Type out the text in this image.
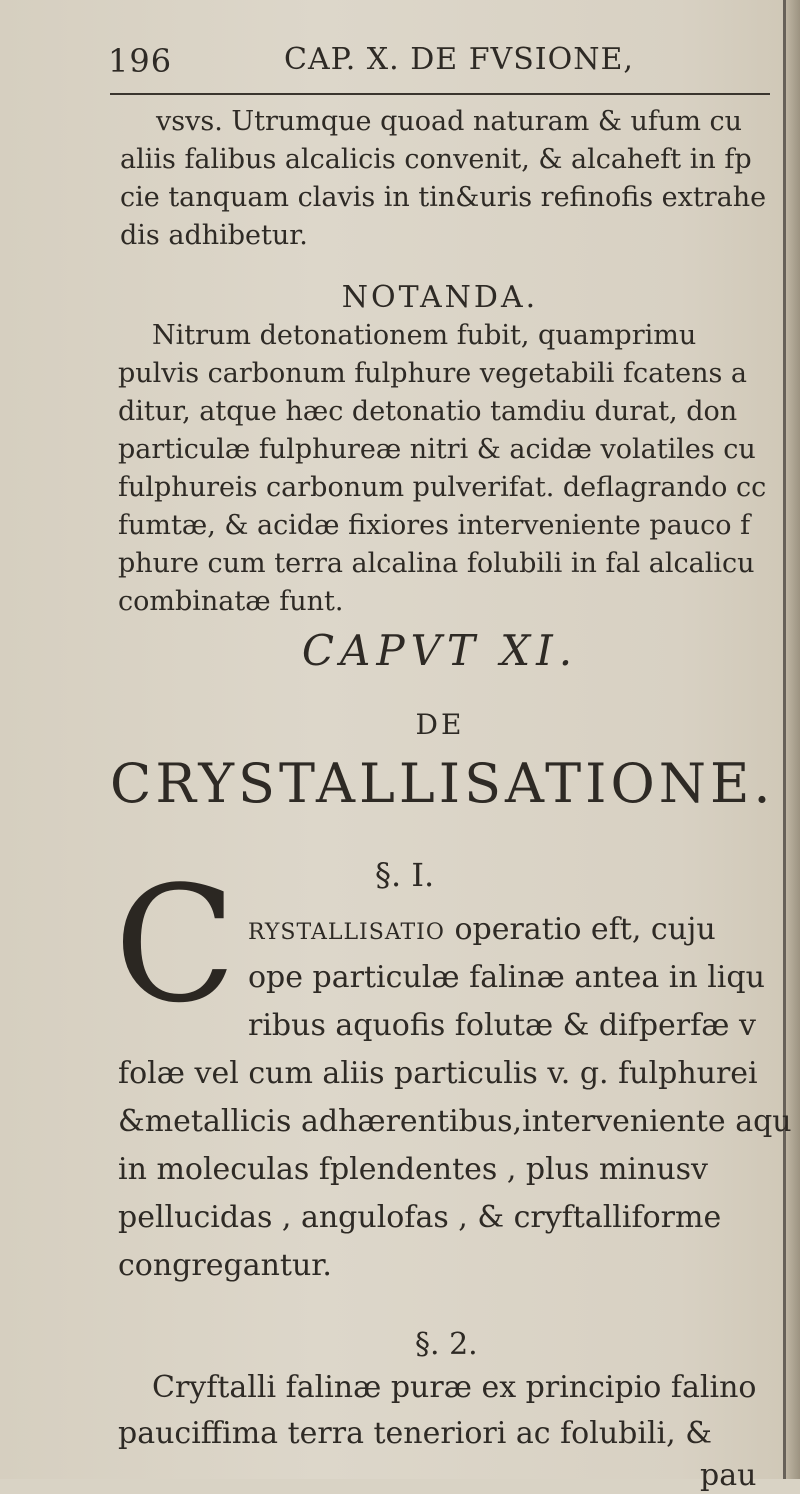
196	CAP. X. DE FVSIONE,
vsvs. Utrumque quoad naturam & ufum cu
aliis falibus alcalicis convenit, & alcaheft in fp
cie tanquam clavis in tin&uris refinofis extrahe
dis adhibetur.
NOTANDA.
Nitrum detonationem fubit, quamprimu
pulvis carbonum fulphure vegetabili fcatens a
ditur, atque hæc detonatio tamdiu durat, don
particulæ fulphureæ nitri & acidæ volatiles cu
fulphureis carbonum pulverifat. deflagrando cc
fumtæ, & acidæ fixiores interveniente pauco f
phure cum terra alcalina folubili in fal alcalicu
combinatæ funt.
CAPVT XI.
DE
CRYSTALLISATIONE.
§. I.
C RYSTALLISATIO operatio eft, cuju
ope particulæ falinæ antea in liqu
ribus aquofis folutæ & difperfæ v
folæ vel cum aliis particulis v. g. fulphurei
&metallicis adhærentibus,interveniente aqu
in moleculas fplendentes , plus minusv
pellucidas , angulofas , & cryftalliforme
congregantur.
§. 2.
Cryftalli falinæ puræ ex principio falino
pauciffima terra teneriori ac folubili, &
pau
